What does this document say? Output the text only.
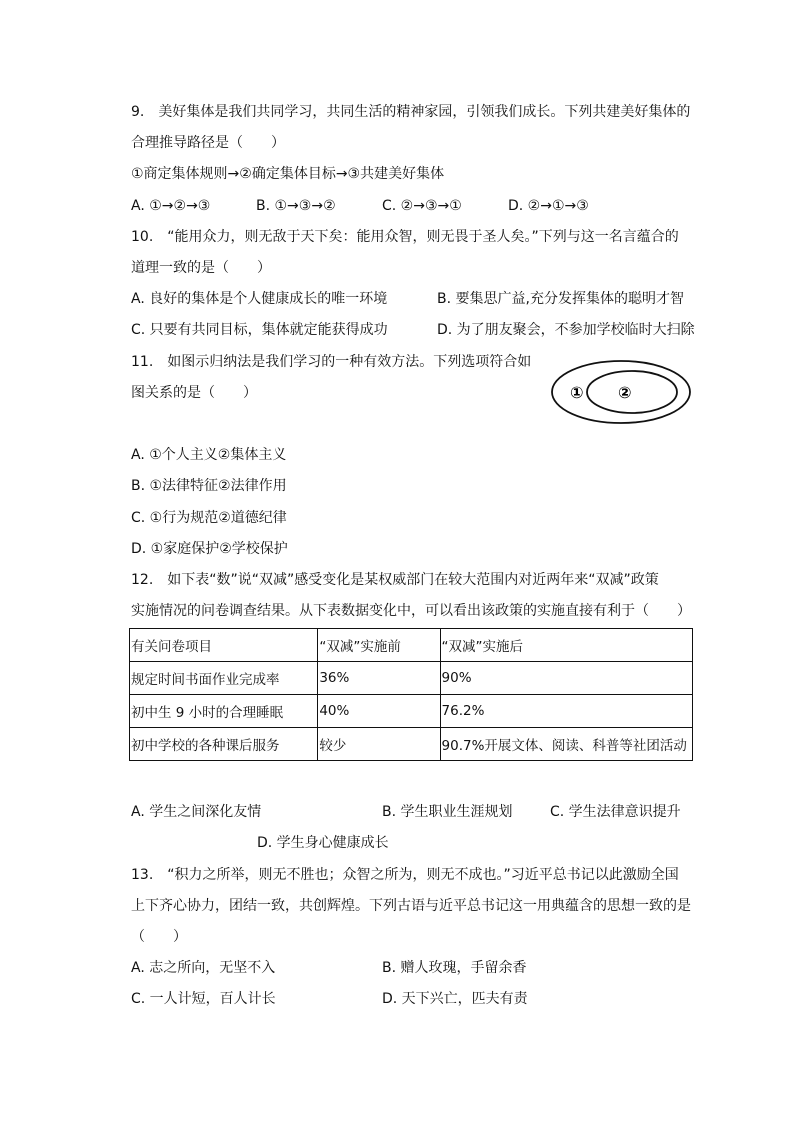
9.　美好集体是我们共同学习，共同生活的精神家园，引领我们成长。下列共建美好集体的
合理推导路径是（　　）
①商定集体规则→②确定集体目标→③共建美好集体
A. ①→②→③	B. ①→③→②	C. ②→③→①	D. ②→①→③
10.　“能用众力，则无敌于天下矣：能用众智，则无畏于圣人矣。”下列与这一名言蕴合的
道理一致的是（　　）
A. 良好的集体是个人健康成长的唯一环境	B. 要集思广益,充分发挥集体的聪明才智
C. 只要有共同目标，集体就定能获得成功	D. 为了朋友聚会，不参加学校临时大扫除
11.　如图示归纳法是我们学习的一种有效方法。下列选项符合如
图关系的是（　　）	① ②
A. ①个人主义②集体主义
B. ①法律特征②法律作用
C. ①行为规范②道德纪律
D. ①家庭保护②学校保护
12.　如下表“数”说“双减”感受变化是某权威部门在较大范围内对近两年来“双减”政策
实施情况的问卷调查结果。从下表数据变化中，可以看出该政策的实施直接有利于（　　）
有关问卷项目	“双减”实施前	“双减”实施后
规定时间书面作业完成率	36%	90%
初中生 9 小时的合理睡眠	40%	76.2%
初中学校的各种课后服务	较少	90.7%开展文体、阅读、科普等社团活动
A. 学生之间深化友情	B. 学生职业生涯规划	C. 学生法律意识提升
D. 学生身心健康成长
13.　“积力之所举，则无不胜也；众智之所为，则无不成也。”习近平总书记以此激励全国
上下齐心协力，团结一致，共创辉煌。下列古语与近平总书记这一用典蕴含的思想一致的是
（　　）
A. 志之所向，无坚不入	B. 赠人玫瑰，手留余香
C. 一人计短，百人计长	D. 天下兴亡，匹夫有责
